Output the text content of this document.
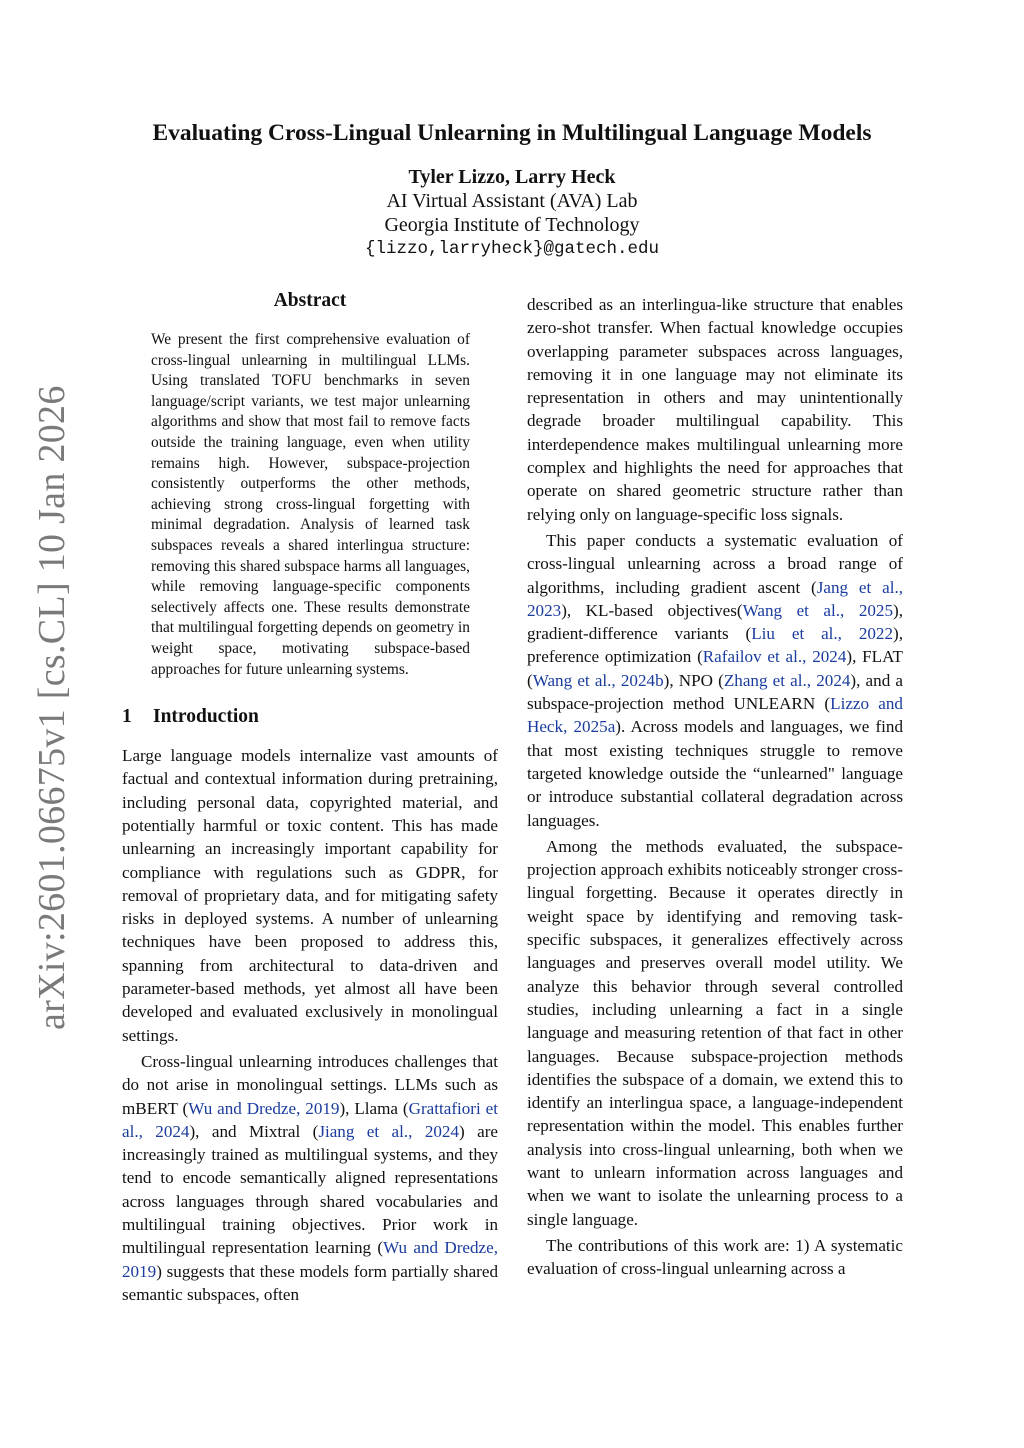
arXiv:2601.06675v1 [cs.CL] 10 Jan 2026
Evaluating Cross-Lingual Unlearning in Multilingual Language Models
Tyler Lizzo, Larry Heck
AI Virtual Assistant (AVA) Lab
Georgia Institute of Technology
{lizzo,larryheck}@gatech.edu
Abstract
We present the first comprehensive evaluation of cross-lingual unlearning in multilingual LLMs. Using translated TOFU benchmarks in seven language/script variants, we test major unlearning algorithms and show that most fail to remove facts outside the training language, even when utility remains high. However, subspace-projection consistently outperforms the other methods, achieving strong cross-lingual forgetting with minimal degradation. Analysis of learned task subspaces reveals a shared interlingua structure: removing this shared subspace harms all languages, while removing language-specific components selectively affects one. These results demonstrate that multilingual forgetting depends on geometry in weight space, motivating subspace-based approaches for future unlearning systems.
1	Introduction

Large language models internalize vast amounts of factual and contextual information during pretraining, including personal data, copyrighted material, and potentially harmful or toxic content. This has made unlearning an increasingly important capability for compliance with regulations such as GDPR, for removal of proprietary data, and for mitigating safety risks in deployed systems. A number of unlearning techniques have been proposed to address this, spanning from architectural to data-driven and parameter-based methods, yet almost all have been developed and evaluated exclusively in monolingual settings.

Cross-lingual unlearning introduces challenges that do not arise in monolingual settings. LLMs such as mBERT (Wu and Dredze, 2019), Llama (Grattafiori et al., 2024), and Mixtral (Jiang et al., 2024) are increasingly trained as multilingual systems, and they tend to encode semantically aligned representations across languages through shared vocabularies and multilingual training objectives. Prior work in multilingual representation learning (Wu and Dredze, 2019) suggests that these models form partially shared semantic subspaces, often

described as an interlingua-like structure that enables zero-shot transfer. When factual knowledge occupies overlapping parameter subspaces across languages, removing it in one language may not eliminate its representation in others and may unintentionally degrade broader multilingual capability. This interdependence makes multilingual unlearning more complex and highlights the need for approaches that operate on shared geometric structure rather than relying only on language-specific loss signals.

This paper conducts a systematic evaluation of cross-lingual unlearning across a broad range of algorithms, including gradient ascent (Jang et al., 2023), KL-based objectives(Wang et al., 2025), gradient-difference variants (Liu et al., 2022), preference optimization (Rafailov et al., 2024), FLAT (Wang et al., 2024b), NPO (Zhang et al., 2024), and a subspace-projection method UNLEARN (Lizzo and Heck, 2025a). Across models and languages, we find that most existing techniques struggle to remove targeted knowledge outside the “unlearned" language or introduce substantial collateral degradation across languages.

Among the methods evaluated, the subspace-projection approach exhibits noticeably stronger cross-lingual forgetting. Because it operates directly in weight space by identifying and removing task-specific subspaces, it generalizes effectively across languages and preserves overall model utility. We analyze this behavior through several controlled studies, including unlearning a fact in a single language and measuring retention of that fact in other languages. Because subspace-projection methods identifies the subspace of a domain, we extend this to identify an interlingua space, a language-independent representation within the model. This enables further analysis into cross-lingual unlearning, both when we want to unlearn information across languages and when we want to isolate the unlearning process to a single language.

The contributions of this work are: 1) A systematic evaluation of cross-lingual unlearning across a
